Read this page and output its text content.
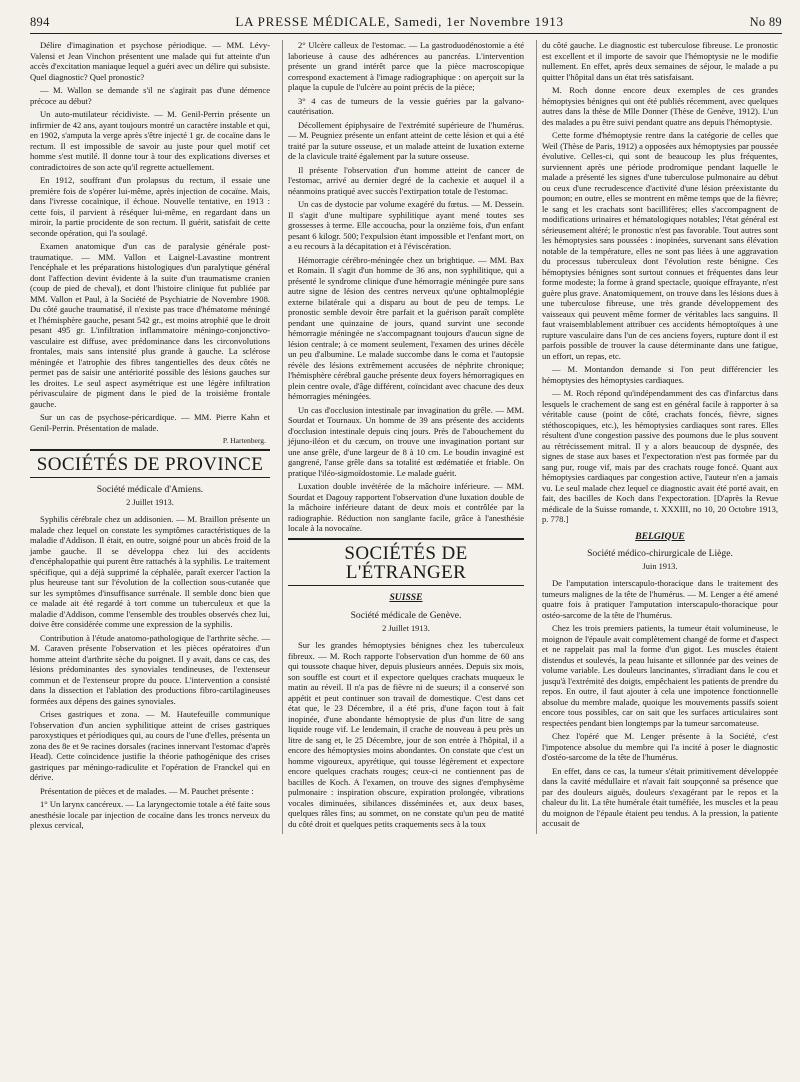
894	LA PRESSE MÉDICALE, Samedi, 1er Novembre 1913	No 89

Délire d'imagination et psychose périodique. — MM. Lévy-Valensi et Jean Vinchon présentent une malade qui fut atteinte d'un accès d'excitation maniaque lequel a guéri avec un délire qui subsiste. Quel diagnostic? Quel pronostic?

— M. Wallon se demande s'il ne s'agirait pas d'une démence précoce au début?

Un auto-mutilateur récidiviste. — M. Genil-Perrin présente un infirmier de 42 ans, ayant toujours montré un caractère instable et qui, en 1902, s'amputa la verge après s'être injecté 1 gr. de cocaïne dans le rectum. Il est impossible de savoir au juste pour quel motif cet homme s'est mutilé. Il donne tour à tour des explications diverses et contradictoires de son acte qu'il regrette actuellement.

En 1912, souffrant d'un prolapsus du rectum, il essaie une première fois de s'opérer lui-même, après injection de cocaïne. Mais, dans l'ivresse cocaïnique, il échoue. Nouvelle tentative, en 1913 : cette fois, il parvient à réséquer lui-même, en regardant dans un miroir, la partie procidente de son rectum. Il guérit, satisfait de cette seconde opération, qui l'a soulagé.

Examen anatomique d'un cas de paralysie générale post-traumatique. — MM. Vallon et Laignel-Lavastine montrent l'encéphale et les préparations histologiques d'un paralytique général dont l'affection devint évidente à la suite d'un traumatisme cranien (coup de pied de cheval), et dont l'histoire clinique fut publiée par MM. Vallon et Paul, à la Société de Psychiatrie de Novembre 1908. Du côté gauche traumatisé, il n'existe pas trace d'hématome méningé et l'hémisphère gauche, pesant 542 gr., est moins atrophié que le droit pesant 495 gr. L'infiltration inflammatoire méningo-conjonctivo-vasculaire est diffuse, avec prédominance dans les circonvolutions frontales, mais sans intensité plus grande à gauche. La sclérose méningée et l'atrophie des fibres tangentielles des deux côtés ne permet pas de saisir une antériorité possible des lésions gauches sur les droites. Le seul aspect asymétrique est une légère infiltration périvasculaire de pigment dans le pied de la troisième frontale gauche.

Sur un cas de psychose-péricardique. — MM. Pierre Kahn et Genil-Perrin. Présentation de malade.

P. Hartenberg.
SOCIÉTÉS DE PROVINCE
Société médicale d'Amiens.
2 Juillet 1913.

Syphilis cérébrale chez un addisonien. — M. Braillon présente un malade chez lequel on constate les symptômes caractéristiques de la maladie d'Addison. Il était, en outre, soigné pour un abcès froid de la jambe gauche. Il se développa chez lui des accidents d'encéphalopathie qui purent être rattachés à la syphilis. Le traitement spécifique, qui a déjà supprimé la céphalée, paraît exercer l'action la plus heureuse tant sur l'évolution de la collection sous-cutanée que sur les symptômes d'insuffisance surrénale. Il semble donc bien que ce malade ait été regardé à tort comme un tuberculeux et que la maladie d'Addison, comme l'ensemble des troubles observés chez lui, doive être considérée comme une expression de la syphilis.

Contribution à l'étude anatomo-pathologique de l'arthrite sèche. — M. Caraven présente l'observation et les pièces opératoires d'un homme atteint d'arthrite sèche du poignet. Il y avait, dans ce cas, des lésions prédominantes des synoviales tendineuses, de l'extenseur commun et de l'extenseur propre du pouce. L'intervention a consisté dans la dissection et l'ablation des productions fibro-cartilagineuses formées aux dépens des gaines synoviales.

Crises gastriques et zona. — M. Hautefeuille communique l'observation d'un ancien syphilitique atteint de crises gastriques paroxystiques et périodiques qui, au cours de l'une d'elles, présenta un zona des 8e et 9e racines dorsales (racines innervant l'estomac d'après Head). Cette coïncidence justifie la théorie pathogénique des crises gastriques par méningo-radiculite et l'opération de Franckel qui en dérive.

Présentation de pièces et de malades. — M. Pauchet présente :

1° Un larynx cancéreux. — La laryngectomie totale a été faite sous anesthésie locale par injection de cocaïne dans les troncs nerveux du plexus cervical,

2° Ulcère calleux de l'estomac. — La gastroduodénostomie a été laborieuse à cause des adhérences au pancréas. L'intervention présente un grand intérêt parce que la pièce macroscopique correspond exactement à l'image radiographique : on aperçoit sur la plaque la cupule de l'ulcère au point précis de la pièce;

3° 4 cas de tumeurs de la vessie guéries par la galvano-cautérisation.

Décollement épiphysaire de l'extrémité supérieure de l'humérus. — M. Peugniez présente un enfant atteint de cette lésion et qui a été traité par la suture osseuse, et un malade atteint de luxation externe de la clavicule traité également par la suture osseuse.

Il présente l'observation d'un homme atteint de cancer de l'estomac, arrivé au dernier degré de la cachexie et auquel il a néanmoins pratiqué avec succès l'extirpation totale de l'estomac.

Un cas de dystocie par volume exagéré du fœtus. — M. Dessein. Il s'agit d'une multipare syphilitique ayant mené toutes ses grossesses à terme. Elle accoucha, pour la onzième fois, d'un enfant pesant 6 kilogr. 500; l'expulsion étant impossible et l'enfant mort, on a eu recours à la décapitation et à l'éviscération.

Hémorragie cérébro-méningée chez un brightique. — MM. Bax et Romain. Il s'agit d'un homme de 36 ans, non syphilitique, qui a présenté le syndrome clinique d'une hémorragie méningée pure sans autre signe de lésion des centres nerveux qu'une ophtalmoplégie externe bilatérale qui a disparu au bout de peu de temps. Le pronostic semble devoir être parfait et la guérison paraît complète pendant une quinzaine de jours, quand survint une seconde hémorragie méningée ne s'accompagnant toujours d'aucun signe de lésion centrale; à ce moment seulement, l'examen des urines décèle un peu d'albumine. Le malade succombe dans le coma et l'autopsie révèle des lésions extrêmement accusées de néphrite chronique; l'hémisphère cérébral gauche présente deux foyers hémorragiques en plein centre ovale, d'âge différent, coïncidant avec chacune des deux hémorragies méningées.

Un cas d'occlusion intestinale par invagination du grêle. — MM. Sourdat et Tournaux. Un homme de 39 ans présente des accidents d'occlusion intestinale depuis cinq jours. Près de l'abouchement du jéjuno-iléon et du cæcum, on trouve une invagination portant sur une anse grêle, d'une largeur de 8 à 10 cm. Le boudin invaginé est gangrené, l'anse grêle dans sa totalité est œdématiée et friable. On pratique l'iléo-sigmoïdostomie. Le malade guérit.

Luxation double invétérée de la mâchoire inférieure. — MM. Sourdat et Dagouy rapportent l'observation d'une luxation double de la mâchoire inférieure datant de deux mois et contrôlée par la radiographie. Réduction non sanglante facile, grâce à l'anesthésie locale à la novocaïne.

SOCIÉTÉS DE L'ÉTRANGER
SUISSE
Société médicale de Genève.
2 Juillet 1913.

Sur les grandes hémoptysies bénignes chez les tuberculeux fibreux. — M. Roch rapporte l'observation d'un homme de 60 ans qui toussote chaque hiver, depuis plusieurs années. Depuis six mois, son souffle est court et il expectore quelques crachats muqueux le matin au réveil. Il n'a pas de fièvre ni de sueurs; il a conservé son appétit et peut continuer son travail de domestique. C'est dans cet état que, le 23 Décembre, il a été pris, d'une façon tout à fait inopinée, d'une abondante hémoptysie de plus d'un litre de sang liquide rouge vif. Le lendemain, il crache de nouveau à peu près un litre de sang et, le 25 Décembre, jour de son entrée à l'hôpital, il a encore des hémoptysies moins abondantes. On constate que c'est un homme vigoureux, apyrétique, qui tousse légèrement et expectore encore quelques crachats rouges; ceux-ci ne contiennent pas de bacilles de Koch. A l'examen, on trouve des signes d'emphysème pulmonaire : inspiration obscure, expiration prolongée, vibrations vocales diminuées, sibilances disséminées et, aux deux bases, quelques râles fins; au sommet, on ne constate qu'un peu de matité du côté droit et quelques petits craquements secs à la toux

du côté gauche. Le diagnostic est tuberculose fibreuse. Le pronostic est excellent et il importe de savoir que l'hémoptysie ne le modifie nullement. En effet, après deux semaines de séjour, le malade a pu quitter l'hôpital dans un état très satisfaisant.

M. Roch donne encore deux exemples de ces grandes hémoptysies bénignes qui ont été publiés récemment, avec quelques autres dans la thèse de Mlle Donner (Thèse de Genève, 1912). L'un des malades a pu être suivi pendant quatre ans depuis l'hémoptysie.

Cette forme d'hémoptysie rentre dans la catégorie de celles que Weil (Thèse de Paris, 1912) a opposées aux hémoptysies par poussée évolutive. Celles-ci, qui sont de beaucoup les plus fréquentes, surviennent après une période prodromique pendant laquelle le malade a présenté les signes d'une tuberculose pulmonaire au début ou ceux d'une recrudescence d'activité d'une lésion préexistante du poumon; en outre, elles se montrent en même temps que de la fièvre; le sang et les crachats sont bacillifères; elles s'accompagnent de modifications urinaires et hématologiques notables; l'état général est sérieusement altéré; le pronostic n'est pas favorable. Tout autres sont les hémoptysies sans poussées : inopinées, survenant sans élévation notable de la température, elles ne sont pas liées à une aggravation du processus tuberculeux dont l'évolution reste bénigne. Ces hémoptysies bénignes sont surtout connues et fréquentes dans leur forme modeste; la forme à grand spectacle, quoique effrayante, n'est guère plus grave. Anatomiquement, on trouve dans les lésions dues à une tuberculose fibreuse, une très grande développement des vaisseaux qui peuvent même former de véritables lacs sanguins. Il faut vraisemblablement attribuer ces accidents hémoptoïques à une rupture vasculaire dans l'un de ces anciens foyers, rupture dont il est parfois possible de trouver la cause déterminante dans une fatigue, un effort, un repas, etc.

— M. Montandon demande si l'on peut différencier les hémoptysies des hémoptysies cardiaques.

— M. Roch répond qu'indépendamment des cas d'infarctus dans lesquels le crachement de sang est en général facile à rapporter à sa véritable cause (point de côté, crachats foncés, fièvre, signes stéthoscopiques, etc.), les hémoptysies cardiaques sont rares. Elles résultent d'une congestion passive des poumons due le plus souvent au rétrécissement mitral. Il y a alors beaucoup de dyspnée, des signes de stase aux bases et l'expectoration n'est pas formée par du sang pur, rouge vif, mais par des crachats rouge foncé. Quant aux hémoptysies cardiaques par congestion active, l'auteur n'en a jamais vu. Le seul malade chez lequel ce diagnostic avait été porté avait, en fait, des bacilles de Koch dans l'expectoration. [D'après la Revue médicale de la Suisse romande, t. XXXIII, no 10, 20 Octobre 1913, p. 778.]

BELGIQUE
Société médico-chirurgicale de Liège.
Juin 1913.

De l'amputation interscapulo-thoracique dans le traitement des tumeurs malignes de la tête de l'humérus. — M. Lenger a été amené quatre fois à pratiquer l'amputation interscapulo-thoracique pour ostéo-sarcome de la tête de l'humérus.

Chez les trois premiers patients, la tumeur était volumineuse, le moignon de l'épaule avait complètement changé de forme et d'aspect et ne rappelait pas mal la forme d'un gigot. Les muscles étaient distendus et soulevés, la peau luisante et sillonnée par des veines de volume variable. Les douleurs lancinantes, s'irradiant dans le cou et jusqu'à l'extrémité des doigts, empêchaient les patients de prendre du repos. En outre, il faut ajouter à cela une impotence fonctionnelle absolue du membre malade, quoique les mouvements passifs soient encore tous possibles, car on sait que les surfaces articulaires sont respectées pendant bien longtemps par la tumeur sarcomateuse.

Chez l'opéré que M. Lenger présente à la Société, c'est l'impotence absolue du membre qui l'a incité à poser le diagnostic d'ostéo-sarcome de la tête de l'humérus.

En effet, dans ce cas, la tumeur s'était primitivement développée dans la cavité médullaire et n'avait fait soupçonné sa présence que par des douleurs aiguës, douleurs s'exagérant par le repos et la chaleur du lit. La tête humérale était tuméfiée, les muscles et la peau du moignon de l'épaule étaient peu tendus. A la pression, la patiente accusait de
